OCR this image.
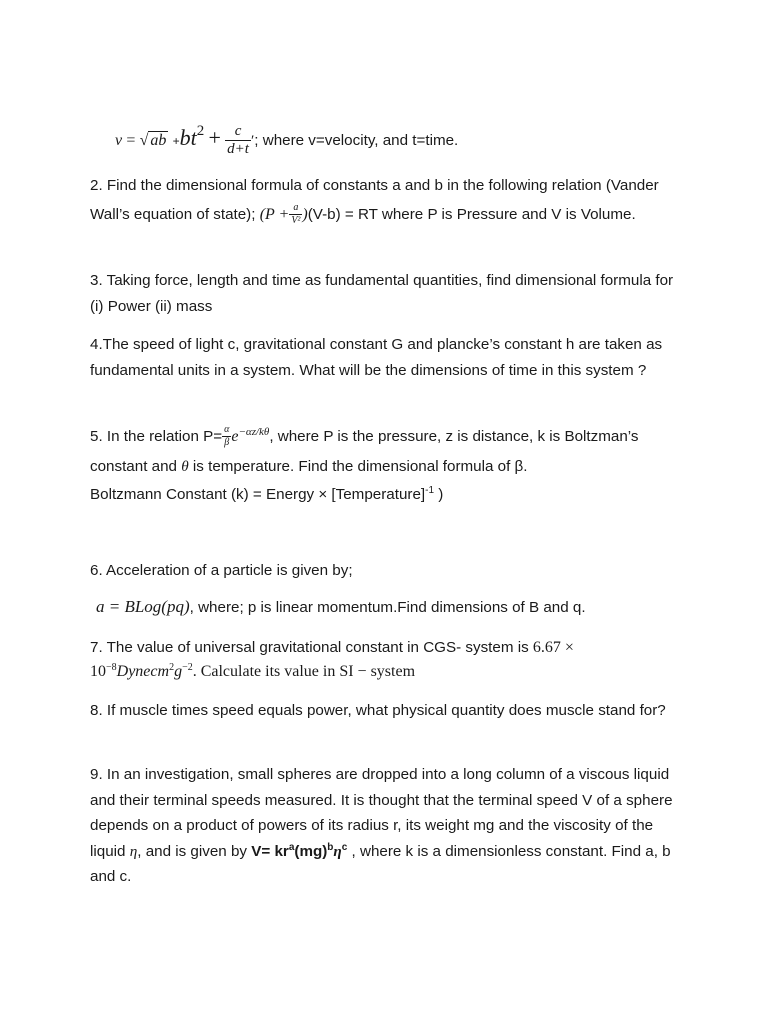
v = √ ab $+bt^2 + \frac{c}{d+t}$ ′; where v=velocity, and t=time.
2. Find the dimensional formula of constants a and b in the following relation (Vander Wall’s equation of state); $(P + \frac{a}{\text{V²}} )(V-b)$ = RT where P is Pressure and V is Volume.
3. Taking force, length and time as fundamental quantities, find dimensional formula for (i) Power (ii) mass
4.The speed of light c, gravitational constant G and plancke’s constant h are taken as fundamental units in a system. What will be the dimensions of time in this system ?
5. In the relation $P= \frac{\alpha}{\beta} e^{-\alpha z/k\theta}$, where P is the pressure, z is distance, k is Boltzman’s constant and θ is temperature. Find the dimensional formula of β.
Boltzmann Constant (k) = Energy × [Temperature]$^{-1}$ )
6. Acceleration of a particle is given by;
a = BLog(pq), where; p is linear momentum.Find dimensions of B and q.
7. The value of universal gravitational constant in CGS- system is 6.67 ×
$10^{-8}Dynecm^2g^{-2}$. Calculate its value in SI − system
8. If muscle times speed equals power, what physical quantity does muscle stand for?
9. In an investigation, small spheres are dropped into a long column of a viscous liquid and their terminal speeds measured. It is thought that the terminal speed V of a sphere depends on a product of powers of its radius r, its weight mg and the viscosity of the liquid η, and is given by $V= kr^a(mg)^b\eta^c$ , where k is a dimensionless constant. Find a, b and c.
